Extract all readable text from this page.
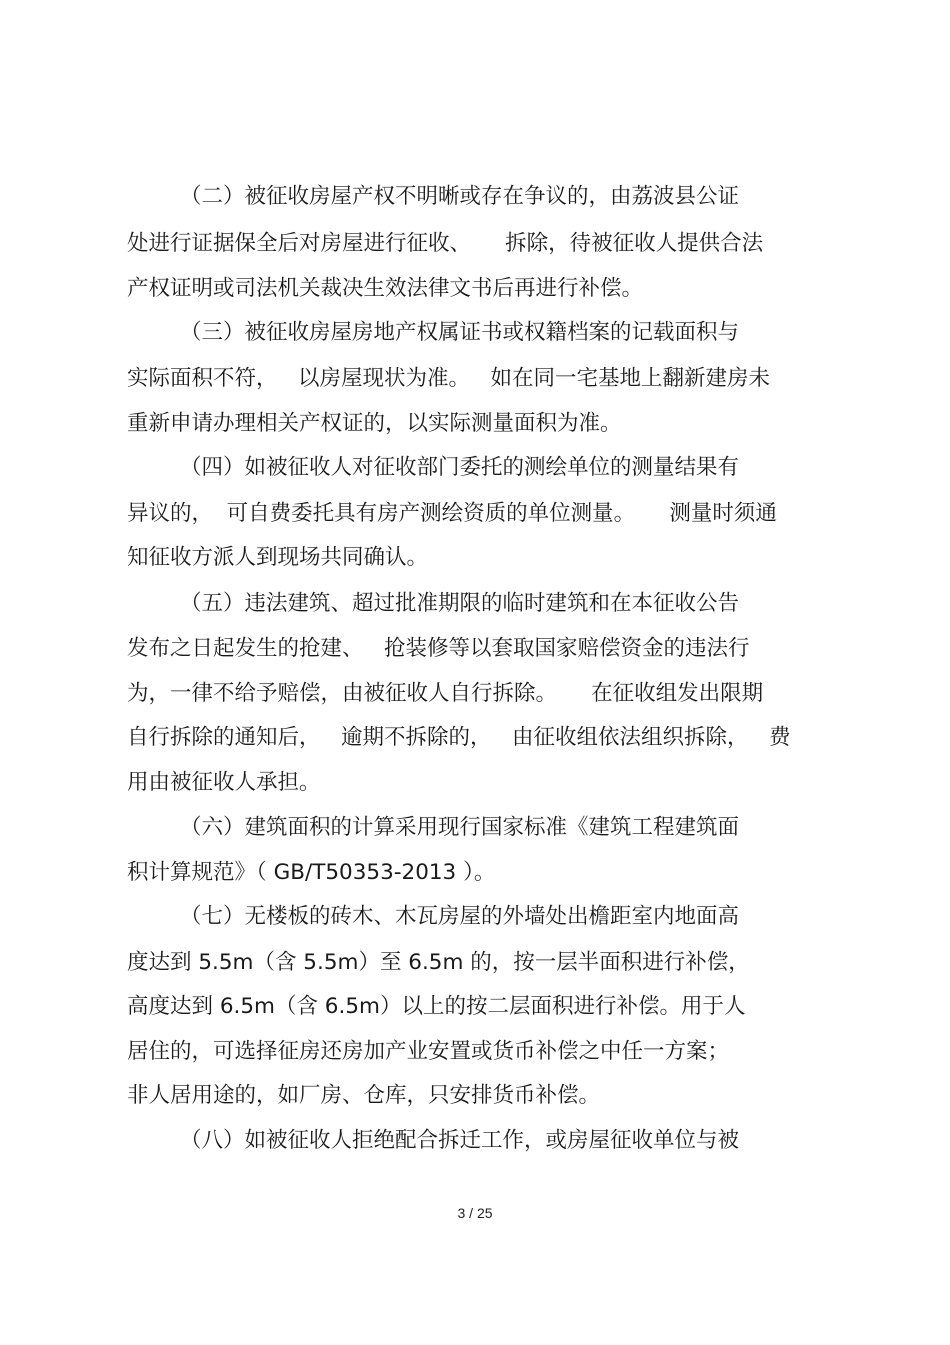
（二）被征收房屋产权不明晰或存在争议的，由荔波县公证
处进行证据保全后对房屋进行征收、     拆除，待被征收人提供合法
产权证明或司法机关裁决生效法律文书后再进行补偿。
（三）被征收房屋房地产权属证书或权籍档案的记载面积与
实际面积不符，   以房屋现状为准。   如在同一宅基地上翻新建房未
重新申请办理相关产权证的，以实际测量面积为准。
（四）如被征收人对征收部门委托的测绘单位的测量结果有
异议的，  可自费委托具有房产测绘资质的单位测量。     测量时须通
知征收方派人到现场共同确认。
（五）违法建筑、超过批准期限的临时建筑和在本征收公告
发布之日起发生的抢建、   抢装修等以套取国家赔偿资金的违法行
为，一律不给予赔偿，由被征收人自行拆除。     在征收组发出限期
自行拆除的通知后，   逾期不拆除的，   由征收组依法组织拆除，   费
用由被征收人承担。
（六）建筑面积的计算采用现行国家标准《建筑工程建筑面
积计算规范》（ GB/T50353-2013 ）。
（七）无楼板的砖木、木瓦房屋的外墙处出檐距室内地面高
度达到 5.5m（含 5.5m）至 6.5m 的，按一层半面积进行补偿，
高度达到 6.5m（含 6.5m）以上的按二层面积进行补偿。用于人
居住的，可选择征房还房加产业安置或货币补偿之中任一方案；
非人居用途的，如厂房、仓库，只安排货币补偿。
（八）如被征收人拒绝配合拆迁工作，或房屋征收单位与被
3 / 25
